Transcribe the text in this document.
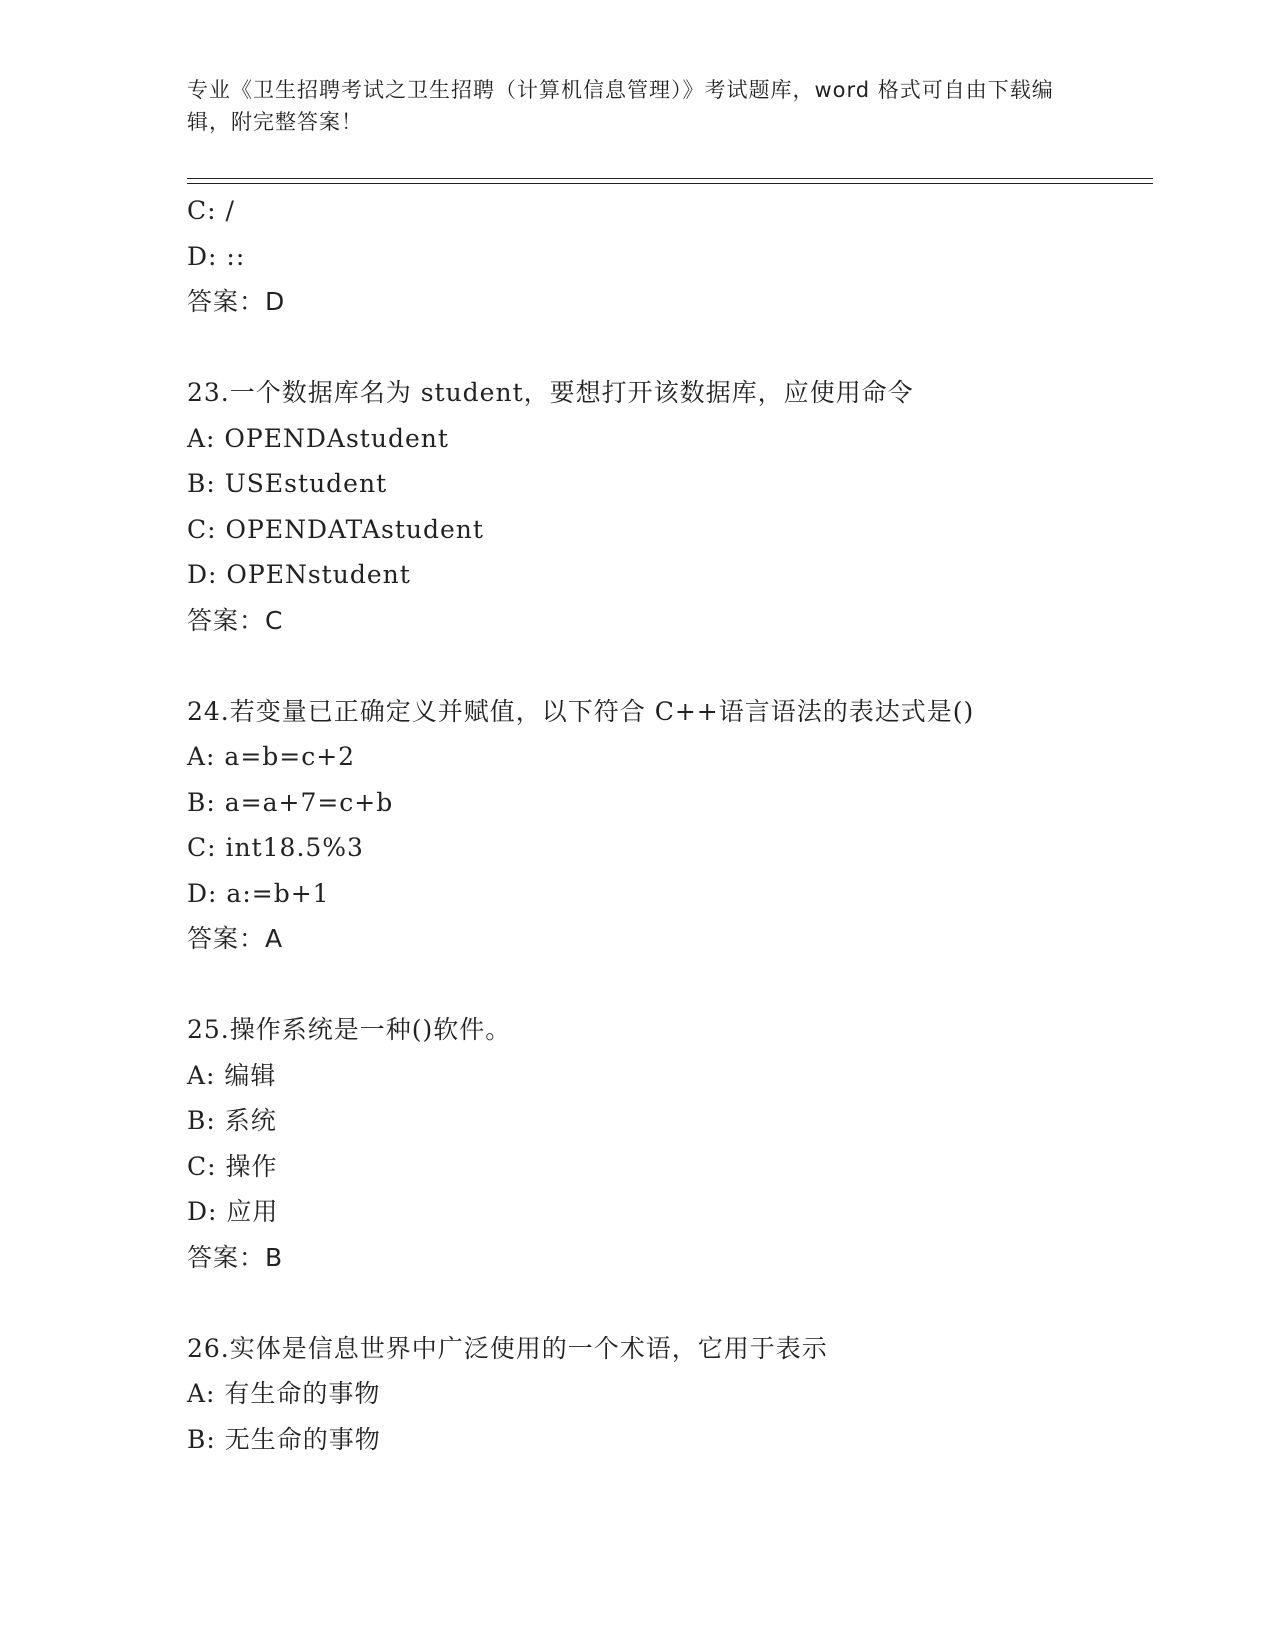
专业《卫生招聘考试之卫生招聘（计算机信息管理）》考试题库，word 格式可自由下载编辑，附完整答案！
C: /
D: ::
答案：D
23.一个数据库名为 student，要想打开该数据库，应使用命令
A: OPENDAstudent
B: USEstudent
C: OPENDATAstudent
D: OPENstudent
答案：C
24.若变量已正确定义并赋值，以下符合 C++语言语法的表达式是()
A: a=b=c+2
B: a=a+7=c+b
C: int18.5%3
D: a:=b+1
答案：A
25.操作系统是一种()软件。
A: 编辑
B: 系统
C: 操作
D: 应用
答案：B
26.实体是信息世界中广泛使用的一个术语，它用于表示
A: 有生命的事物
B: 无生命的事物
